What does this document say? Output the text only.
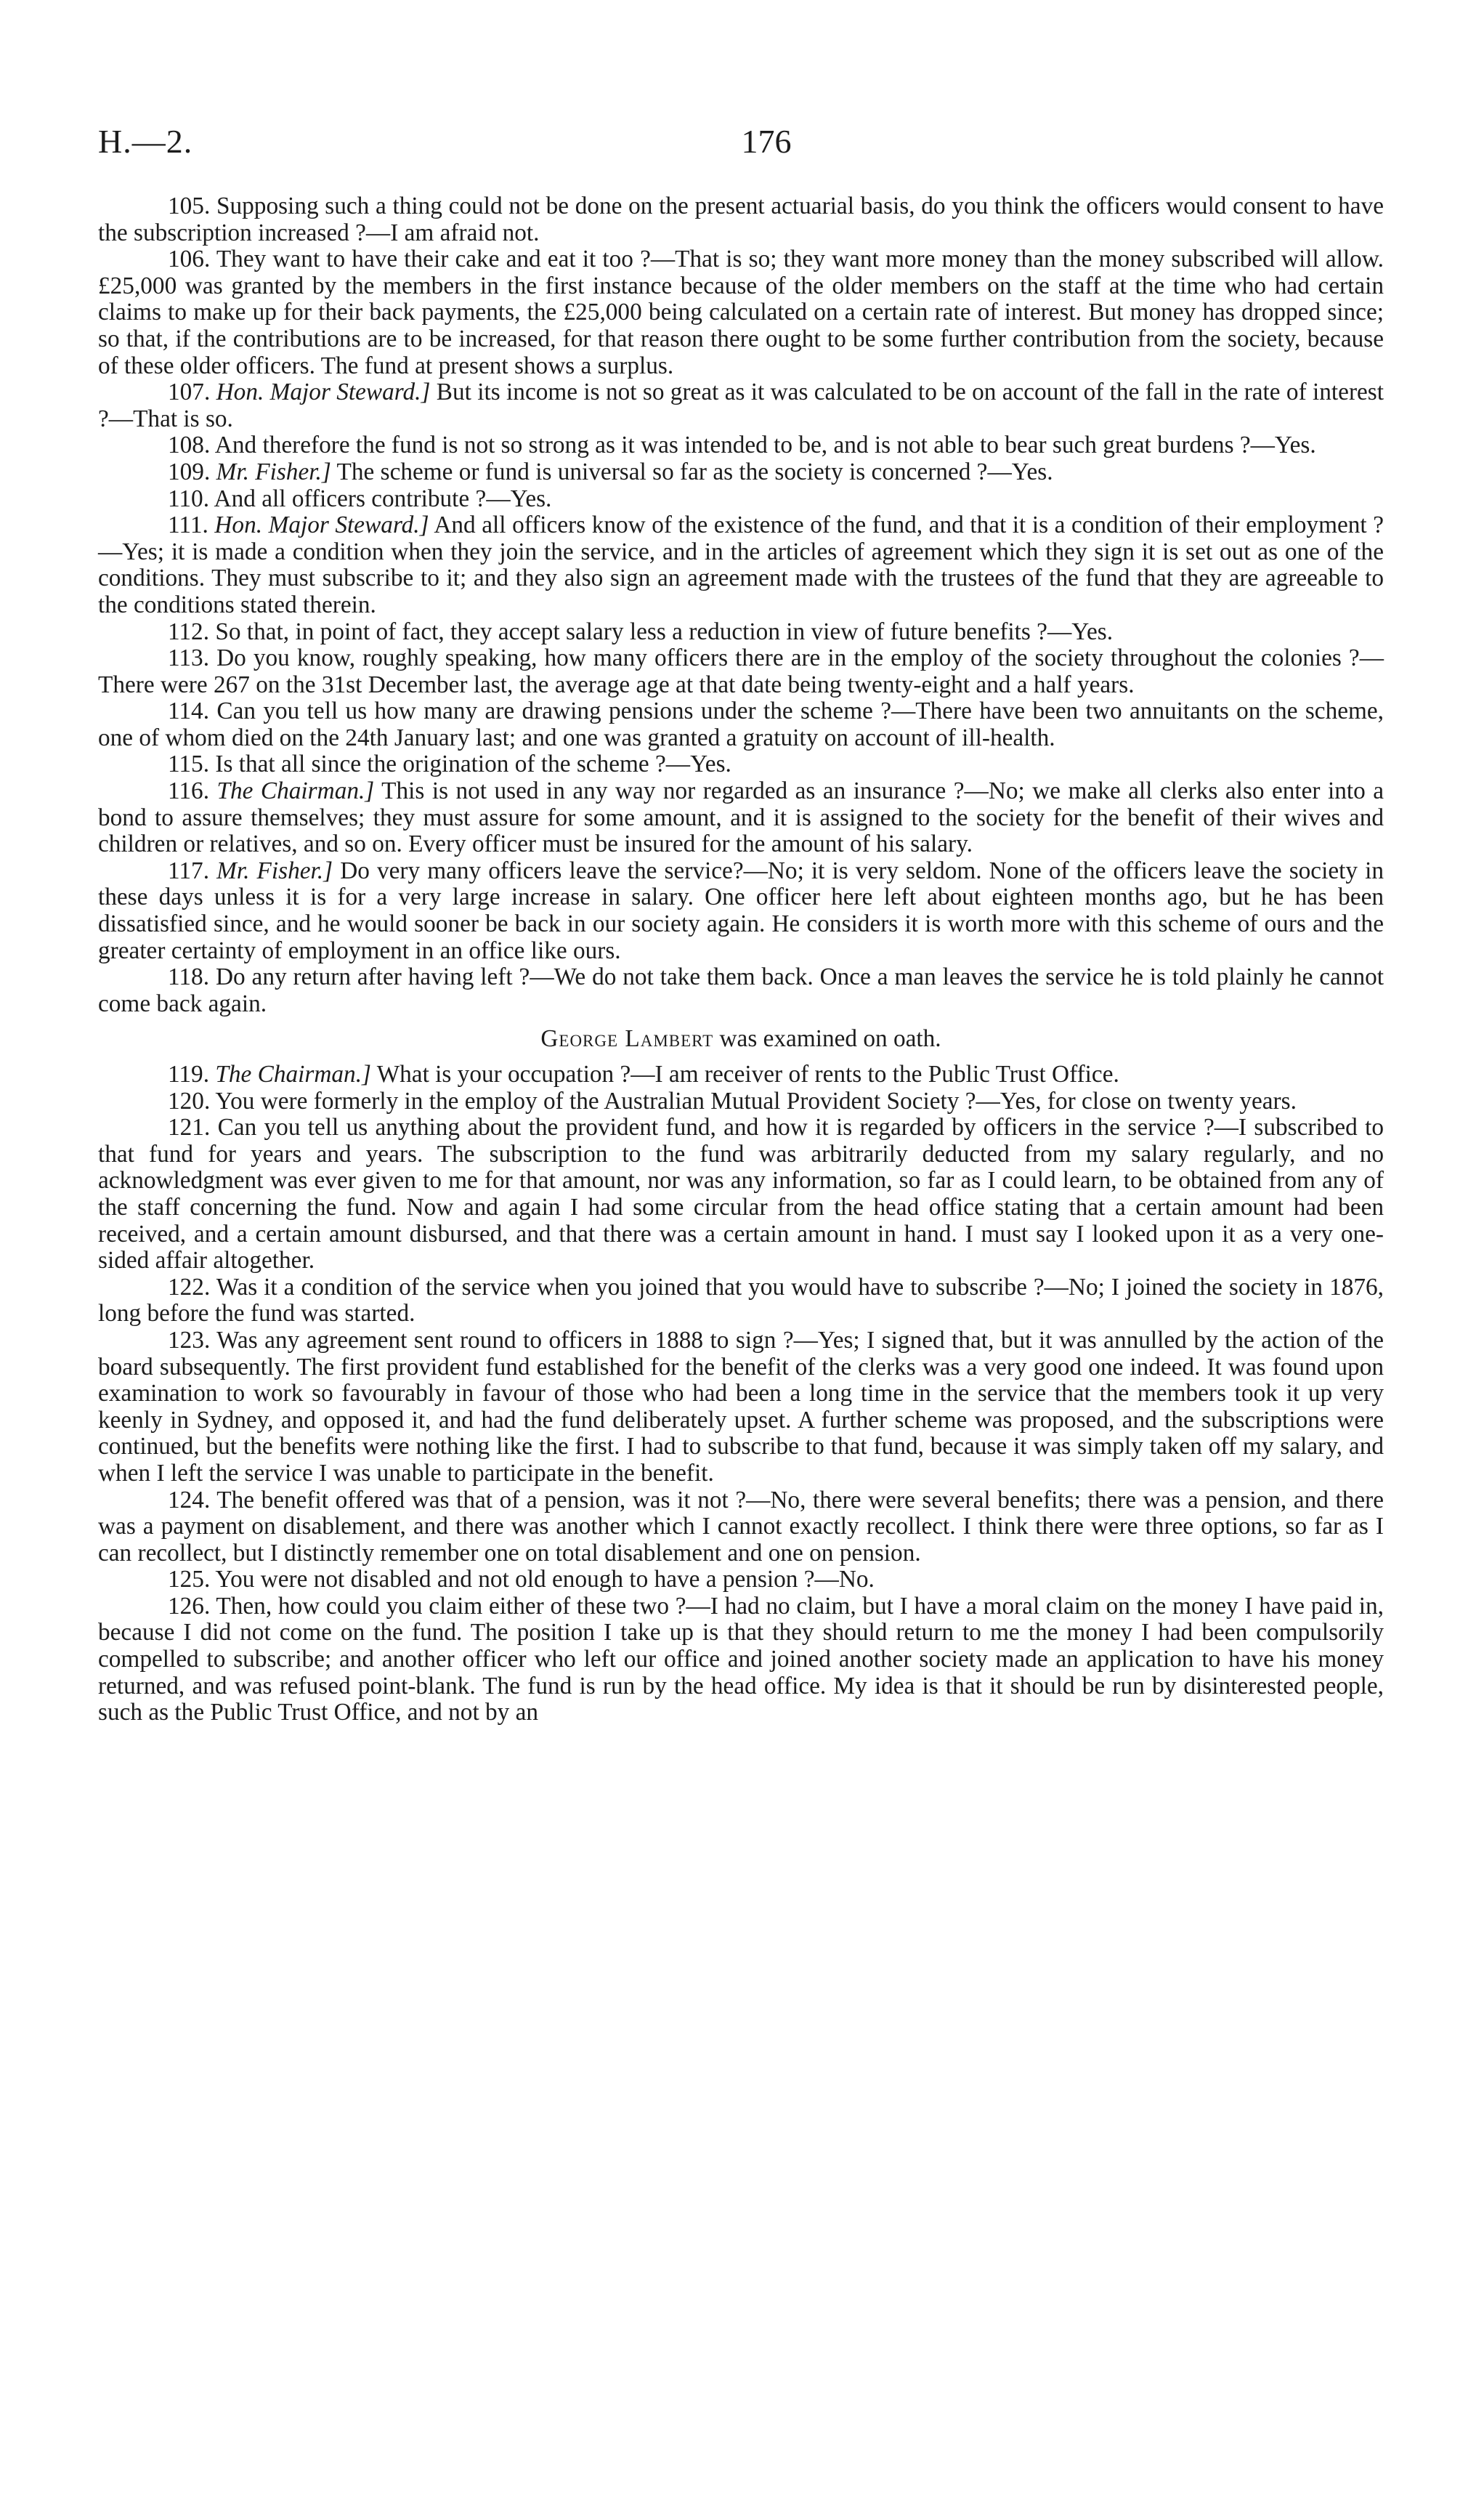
H.—2.	176

105. Supposing such a thing could not be done on the present actuarial basis, do you think the officers would consent to have the subscription increased ?—I am afraid not.

106. They want to have their cake and eat it too ?—That is so; they want more money than the money subscribed will allow. £25,000 was granted by the members in the first instance because of the older members on the staff at the time who had certain claims to make up for their back payments, the £25,000 being calculated on a certain rate of interest. But money has dropped since; so that, if the contributions are to be increased, for that reason there ought to be some further contribution from the society, because of these older officers. The fund at present shows a surplus.

107. Hon. Major Steward.] But its income is not so great as it was calculated to be on account of the fall in the rate of interest ?—That is so.

108. And therefore the fund is not so strong as it was intended to be, and is not able to bear such great burdens ?—Yes.

109. Mr. Fisher.] The scheme or fund is universal so far as the society is concerned ?—Yes.

110. And all officers contribute ?—Yes.

111. Hon. Major Steward.] And all officers know of the existence of the fund, and that it is a condition of their employment ?—Yes; it is made a condition when they join the service, and in the articles of agreement which they sign it is set out as one of the conditions. They must subscribe to it; and they also sign an agreement made with the trustees of the fund that they are agreeable to the conditions stated therein.

112. So that, in point of fact, they accept salary less a reduction in view of future benefits ?—Yes.

113. Do you know, roughly speaking, how many officers there are in the employ of the society throughout the colonies ?—There were 267 on the 31st December last, the average age at that date being twenty-eight and a half years.

114. Can you tell us how many are drawing pensions under the scheme ?—There have been two annuitants on the scheme, one of whom died on the 24th January last; and one was granted a gratuity on account of ill-health.

115. Is that all since the origination of the scheme ?—Yes.

116. The Chairman.] This is not used in any way nor regarded as an insurance ?—No; we make all clerks also enter into a bond to assure themselves; they must assure for some amount, and it is assigned to the society for the benefit of their wives and children or relatives, and so on. Every officer must be insured for the amount of his salary.

117. Mr. Fisher.] Do very many officers leave the service?—No; it is very seldom. None of the officers leave the society in these days unless it is for a very large increase in salary. One officer here left about eighteen months ago, but he has been dissatisfied since, and he would sooner be back in our society again. He considers it is worth more with this scheme of ours and the greater certainty of employment in an office like ours.

118. Do any return after having left ?—We do not take them back. Once a man leaves the service he is told plainly he cannot come back again.

George Lambert was examined on oath.

119. The Chairman.] What is your occupation ?—I am receiver of rents to the Public Trust Office.

120. You were formerly in the employ of the Australian Mutual Provident Society ?—Yes, for close on twenty years.

121. Can you tell us anything about the provident fund, and how it is regarded by officers in the service ?—I subscribed to that fund for years and years. The subscription to the fund was arbitrarily deducted from my salary regularly, and no acknowledgment was ever given to me for that amount, nor was any information, so far as I could learn, to be obtained from any of the staff concerning the fund. Now and again I had some circular from the head office stating that a certain amount had been received, and a certain amount disbursed, and that there was a certain amount in hand. I must say I looked upon it as a very one-sided affair altogether.

122. Was it a condition of the service when you joined that you would have to subscribe ?—No; I joined the society in 1876, long before the fund was started.

123. Was any agreement sent round to officers in 1888 to sign ?—Yes; I signed that, but it was annulled by the action of the board subsequently. The first provident fund established for the benefit of the clerks was a very good one indeed. It was found upon examination to work so favourably in favour of those who had been a long time in the service that the members took it up very keenly in Sydney, and opposed it, and had the fund deliberately upset. A further scheme was proposed, and the subscriptions were continued, but the benefits were nothing like the first. I had to subscribe to that fund, because it was simply taken off my salary, and when I left the service I was unable to participate in the benefit.

124. The benefit offered was that of a pension, was it not ?—No, there were several benefits; there was a pension, and there was a payment on disablement, and there was another which I cannot exactly recollect. I think there were three options, so far as I can recollect, but I distinctly remember one on total disablement and one on pension.

125. You were not disabled and not old enough to have a pension ?—No.

126. Then, how could you claim either of these two ?—I had no claim, but I have a moral claim on the money I have paid in, because I did not come on the fund. The position I take up is that they should return to me the money I had been compulsorily compelled to subscribe; and another officer who left our office and joined another society made an application to have his money returned, and was refused point-blank. The fund is run by the head office. My idea is that it should be run by disinterested people, such as the Public Trust Office, and not by an
